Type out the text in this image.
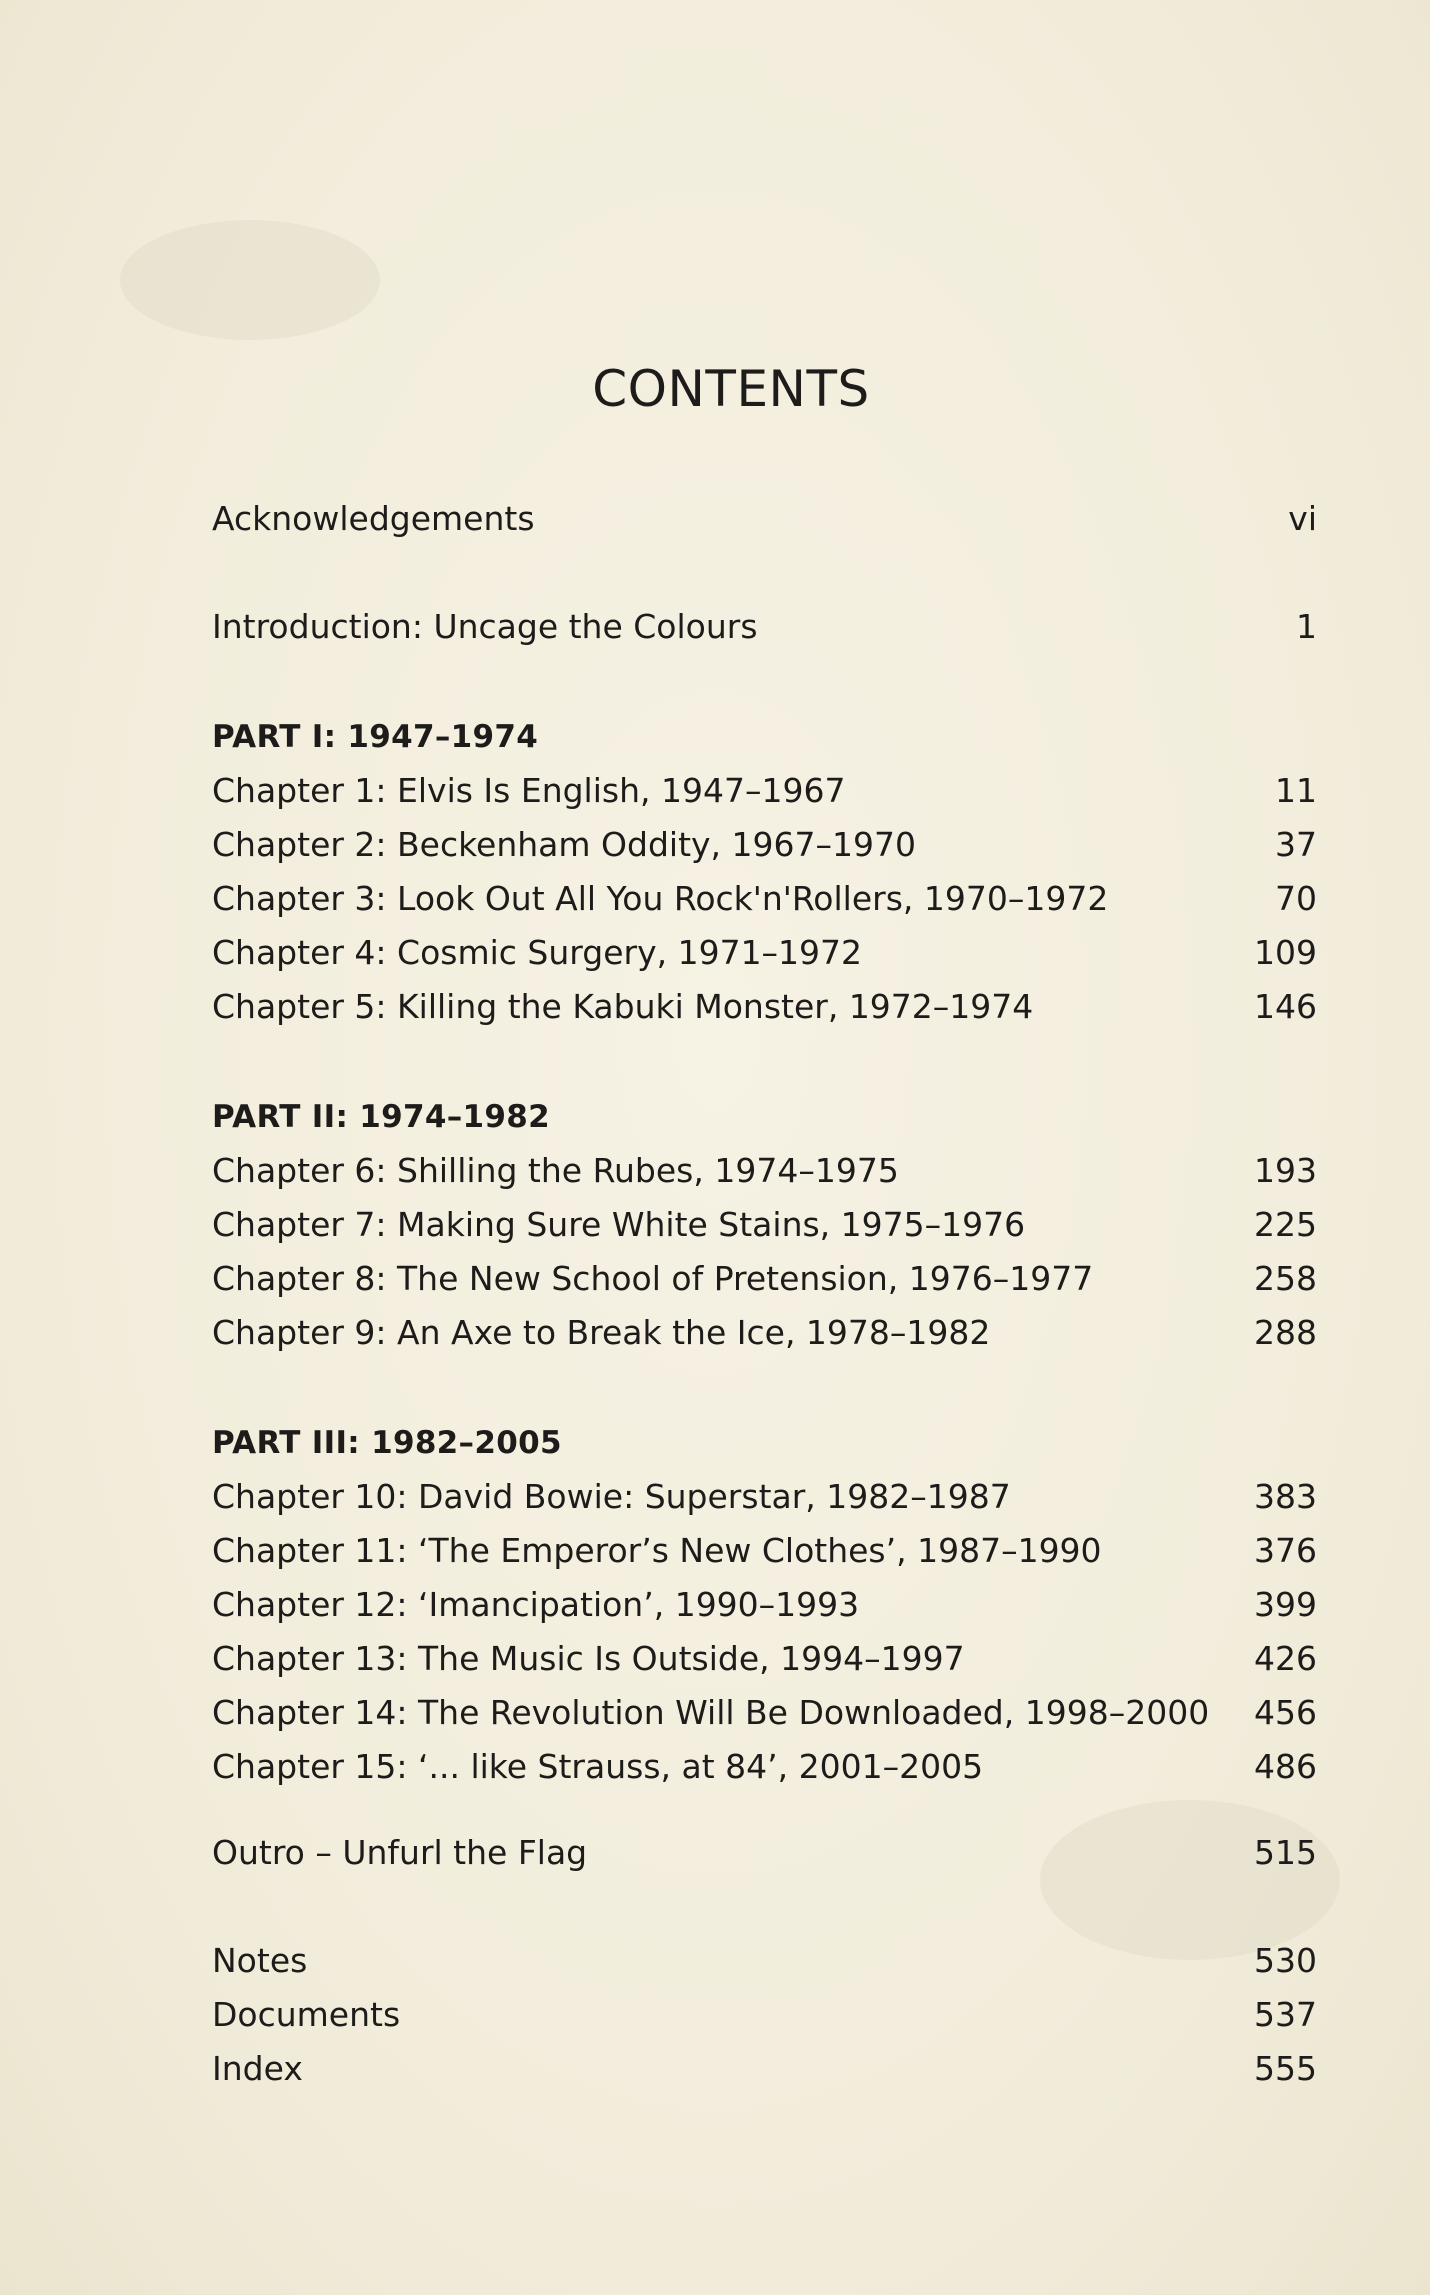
CONTENTS
Acknowledgements	vi
Introduction: Uncage the Colours	1
PART I: 1947–1974
Chapter 1: Elvis Is English, 1947–1967	11
Chapter 2: Beckenham Oddity, 1967–1970	37
Chapter 3: Look Out All You Rock'n'Rollers, 1970–1972	70
Chapter 4: Cosmic Surgery, 1971–1972	109
Chapter 5: Killing the Kabuki Monster, 1972–1974	146
PART II: 1974–1982
Chapter 6: Shilling the Rubes, 1974–1975	193
Chapter 7: Making Sure White Stains, 1975–1976	225
Chapter 8: The New School of Pretension, 1976–1977	258
Chapter 9: An Axe to Break the Ice, 1978–1982	288
PART III: 1982–2005
Chapter 10: David Bowie: Superstar, 1982–1987	383
Chapter 11: ‘The Emperor’s New Clothes’, 1987–1990	376
Chapter 12: ‘Imancipation’, 1990–1993	399
Chapter 13: The Music Is Outside, 1994–1997	426
Chapter 14: The Revolution Will Be Downloaded, 1998–2000 456
Chapter 15: ‘... like Strauss, at 84’, 2001–2005	486
Outro – Unfurl the Flag	515
Notes	530
Documents	537
Index	555
